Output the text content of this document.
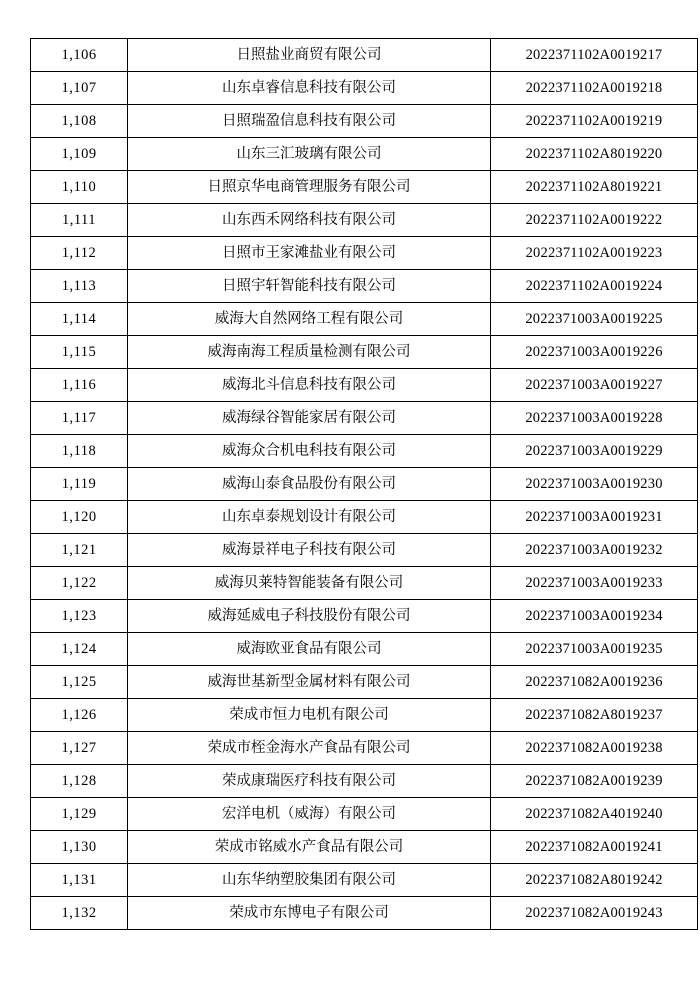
1,106	日照盐业商贸有限公司	2022371102A0019217
1,107	山东卓睿信息科技有限公司	2022371102A0019218
1,108	日照瑞盈信息科技有限公司	2022371102A0019219
1,109	山东三汇玻璃有限公司	2022371102A8019220
1,110	日照京华电商管理服务有限公司	2022371102A8019221
1,111	山东西禾网络科技有限公司	2022371102A0019222
1,112	日照市王家滩盐业有限公司	2022371102A0019223
1,113	日照宇轩智能科技有限公司	2022371102A0019224
1,114	威海大自然网络工程有限公司	2022371003A0019225
1,115	威海南海工程质量检测有限公司	2022371003A0019226
1,116	威海北斗信息科技有限公司	2022371003A0019227
1,117	威海绿谷智能家居有限公司	2022371003A0019228
1,118	威海众合机电科技有限公司	2022371003A0019229
1,119	威海山泰食品股份有限公司	2022371003A0019230
1,120	山东卓泰规划设计有限公司	2022371003A0019231
1,121	威海景祥电子科技有限公司	2022371003A0019232
1,122	威海贝莱特智能装备有限公司	2022371003A0019233
1,123	威海延威电子科技股份有限公司	2022371003A0019234
1,124	威海欧亚食品有限公司	2022371003A0019235
1,125	威海世基新型金属材料有限公司	2022371082A0019236
1,126	荣成市恒力电机有限公司	2022371082A8019237
1,127	荣成市桎金海水产食品有限公司	2022371082A0019238
1,128	荣成康瑞医疗科技有限公司	2022371082A0019239
1,129	宏洋电机（威海）有限公司	2022371082A4019240
1,130	荣成市铭威水产食品有限公司	2022371082A0019241
1,131	山东华纳塑胶集团有限公司	2022371082A8019242
1,132	荣成市东博电子有限公司	2022371082A0019243
